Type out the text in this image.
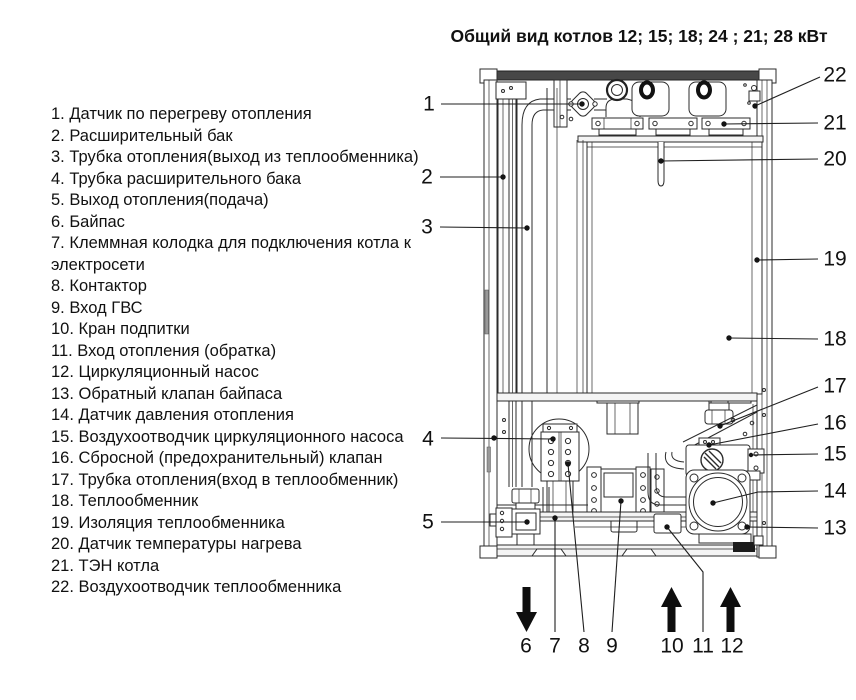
Общий вид котлов 12; 15; 18; 24 ; 21; 28 кВт
1. Датчик по перегреву отопления
2. Расширительный бак
3. Трубка отопления(выход из теплообменника)
4. Трубка расширительного бака
5. Выход отопления(подача)
6. Байпас
7. Клеммная колодка для подключения котла к электросети
8. Контактор
9. Вход ГВС
10. Кран подпитки
11. Вход отопления (обратка)
12. Циркуляционный насос
13. Обратный клапан байпаса
14. Датчик давления отопления
15. Воздухоотводчик циркуляционного насоса
16. Сбросной (предохранительный) клапан
17. Трубка отопления(вход в теплообменник)
18. Теплообменник
19. Изоляция теплообменника
20. Датчик температуры нагрева
21. ТЭН котла
22. Воздухоотводчик теплообменника
1
2
3
4
5
6 7 8 9 10 11 12
13
14
15
16
17
18
19
20
21
22
